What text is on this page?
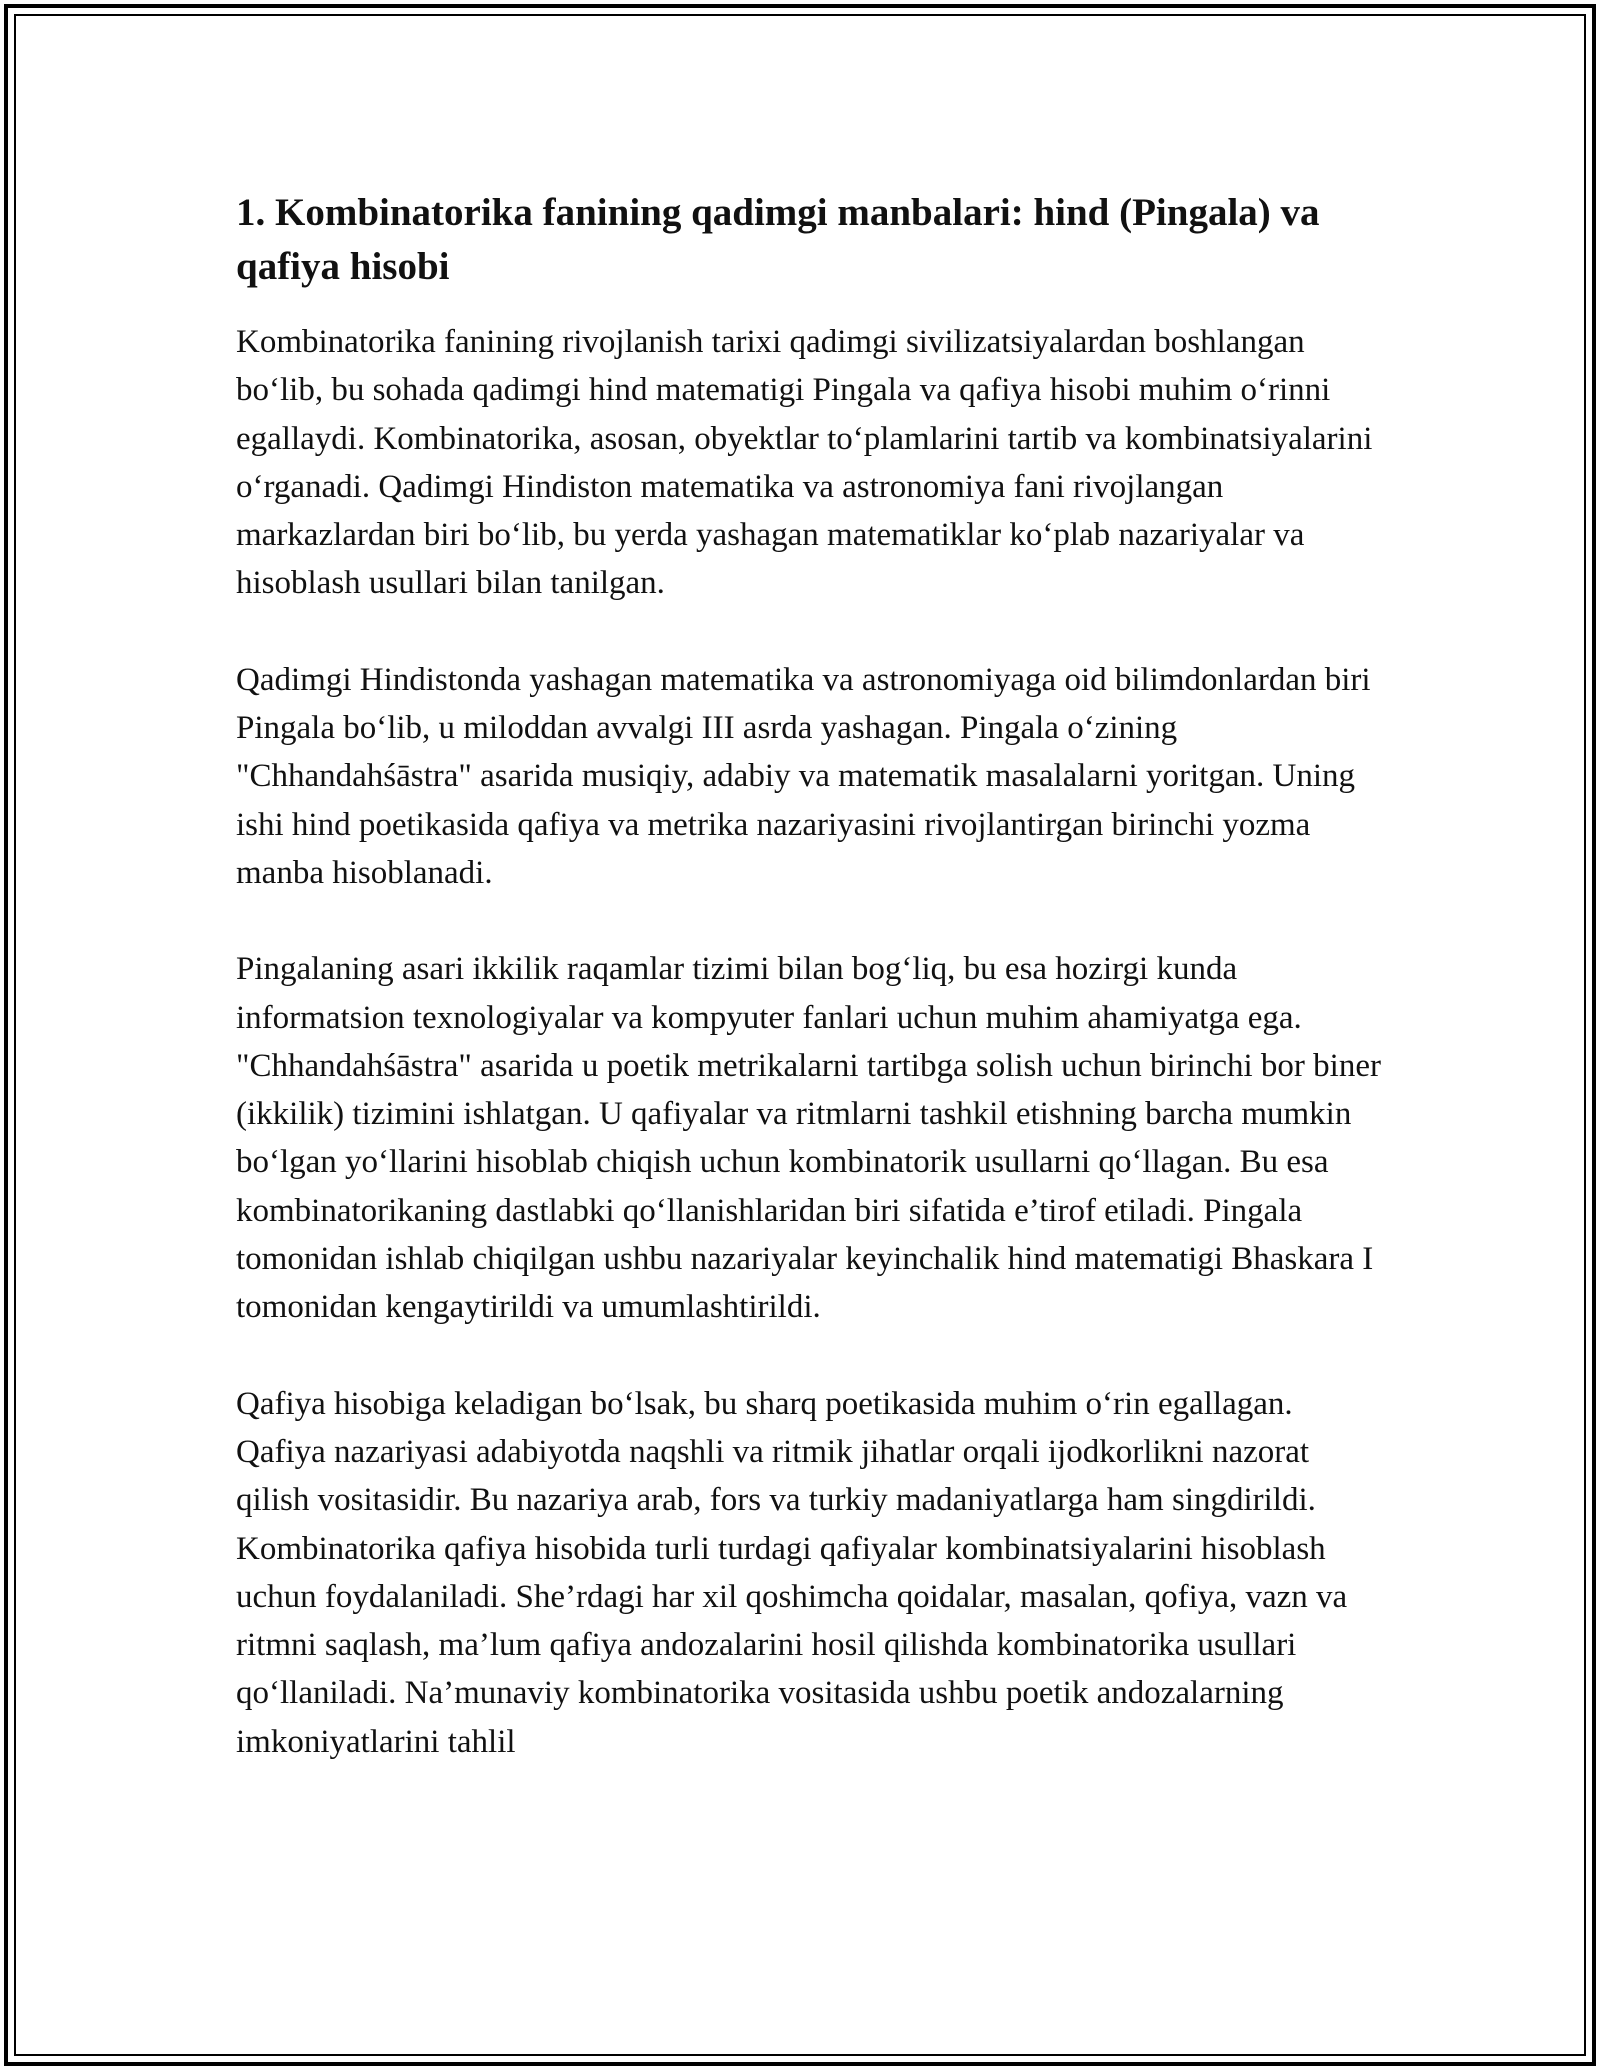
1. Kombinatorika fanining qadimgi manbalari: hind (Pingala) va qafiya hisobi

Kombinatorika fanining rivojlanish tarixi qadimgi sivilizatsiyalardan boshlangan bo‘lib, bu sohada qadimgi hind matematigi Pingala va qafiya hisobi muhim o‘rinni egallaydi. Kombinatorika, asosan, obyektlar to‘plamlarini tartib va kombinatsiyalarini o‘rganadi. Qadimgi Hindiston matematika va astronomiya fani rivojlangan markazlardan biri bo‘lib, bu yerda yashagan matematiklar ko‘plab nazariyalar va hisoblash usullari bilan tanilgan.

Qadimgi Hindistonda yashagan matematika va astronomiyaga oid bilimdonlardan biri Pingala bo‘lib, u miloddan avvalgi III asrda yashagan. Pingala o‘zining "Chhandahśāstra" asarida musiqiy, adabiy va matematik masalalarni yoritgan. Uning ishi hind poetikasida qafiya va metrika nazariyasini rivojlantirgan birinchi yozma manba hisoblanadi.

Pingalaning asari ikkilik raqamlar tizimi bilan bog‘liq, bu esa hozirgi kunda informatsion texnologiyalar va kompyuter fanlari uchun muhim ahamiyatga ega. "Chhandahśāstra" asarida u poetik metrikalarni tartibga solish uchun birinchi bor biner (ikkilik) tizimini ishlatgan. U qafiyalar va ritmlarni tashkil etishning barcha mumkin bo‘lgan yo‘llarini hisoblab chiqish uchun kombinatorik usullarni qo‘llagan. Bu esa kombinatorikaning dastlabki qo‘llanishlaridan biri sifatida e’tirof etiladi. Pingala tomonidan ishlab chiqilgan ushbu nazariyalar keyinchalik hind matematigi Bhaskara I tomonidan kengaytirildi va umumlashtirildi.

Qafiya hisobiga keladigan bo‘lsak, bu sharq poetikasida muhim o‘rin egallagan. Qafiya nazariyasi adabiyotda naqshli va ritmik jihatlar orqali ijodkorlikni nazorat qilish vositasidir. Bu nazariya arab, fors va turkiy madaniyatlarga ham singdirildi. Kombinatorika qafiya hisobida turli turdagi qafiyalar kombinatsiyalarini hisoblash uchun foydalaniladi. She’rdagi har xil qoshimcha qoidalar, masalan, qofiya, vazn va ritmni saqlash, ma’lum qafiya andozalarini hosil qilishda kombinatorika usullari qo‘llaniladi. Na’munaviy kombinatorika vositasida ushbu poetik andozalarning imkoniyatlarini tahlil
